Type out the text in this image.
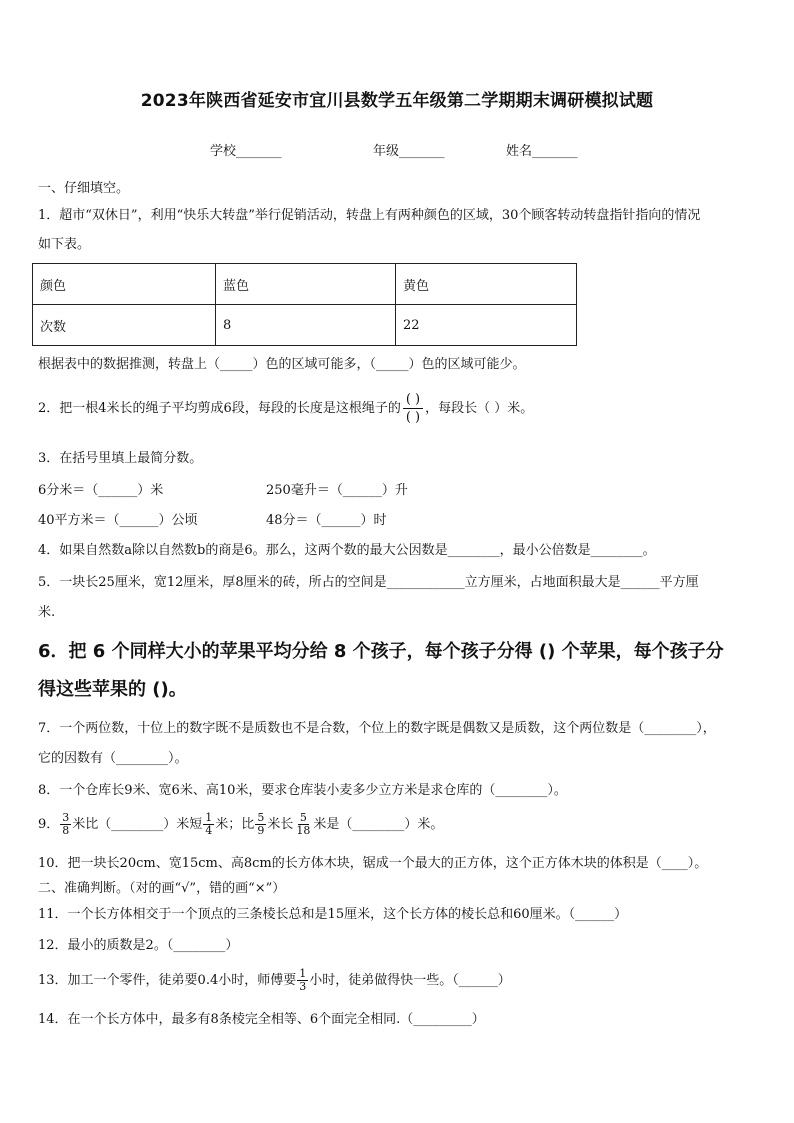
2023年陕西省延安市宜川县数学五年级第二学期期末调研模拟试题
学校_______	年级_______	姓名_______
一、仔细填空。
1．超市“双休日”，利用“快乐大转盘”举行促销活动，转盘上有两种颜色的区域，30个顾客转动转盘指针指向的情况
如下表。
颜色	蓝色	黄色
次数	8	22
根据表中的数据推测，转盘上（_____）色的区域可能多，（_____）色的区域可能少。
2．把一根4米长的绳子平均剪成6段，每段的长度是这根绳子的 $\frac{( )}{( )}$ ，每段长（ ）米。
3．在括号里填上最简分数。
6分米＝（______）米	250毫升＝（______）升
40平方米＝（______）公顷	48分＝（______）时
4．如果自然数a除以自然数b的商是6。那么，这两个数的最大公因数是________，最小公倍数是________。
5．一块长25厘米，宽12厘米，厚8厘米的砖，所占的空间是____________立方厘米，占地面积最大是______平方厘
米.
6．把 6 个同样大小的苹果平均分给 8 个孩子，每个孩子分得 () 个苹果，每个孩子分
得这些苹果的 ()。
7．一个两位数，十位上的数字既不是质数也不是合数，个位上的数字既是偶数又是质数，这个两位数是（________），
它的因数有（________）。
8．一个仓库长9米、宽6米、高10米，要求仓库装小麦多少立方米是求仓库的（________）。
9． $\frac{3}{8}$ 米比（________）米短 $\frac{1}{4}$ 米；比 $\frac{5}{9}$ 米长 $\frac{5}{18}$ 米是（________）米。
10．把一块长20cm、宽15cm、高8cm的长方体木块，锯成一个最大的正方体，这个正方体木块的体积是（____）。
二、准确判断。（对的画“√”，错的画“×”）
11．一个长方体相交于一个顶点的三条棱长总和是15厘米，这个长方体的棱长总和60厘米。（______）
12．最小的质数是2。（________）
13．加工一个零件，徒弟要0.4小时，师傅要 $\frac{1}{3}$ 小时，徒弟做得快一些。（______）
14．在一个长方体中，最多有8条棱完全相等、6个面完全相同.（_________）
